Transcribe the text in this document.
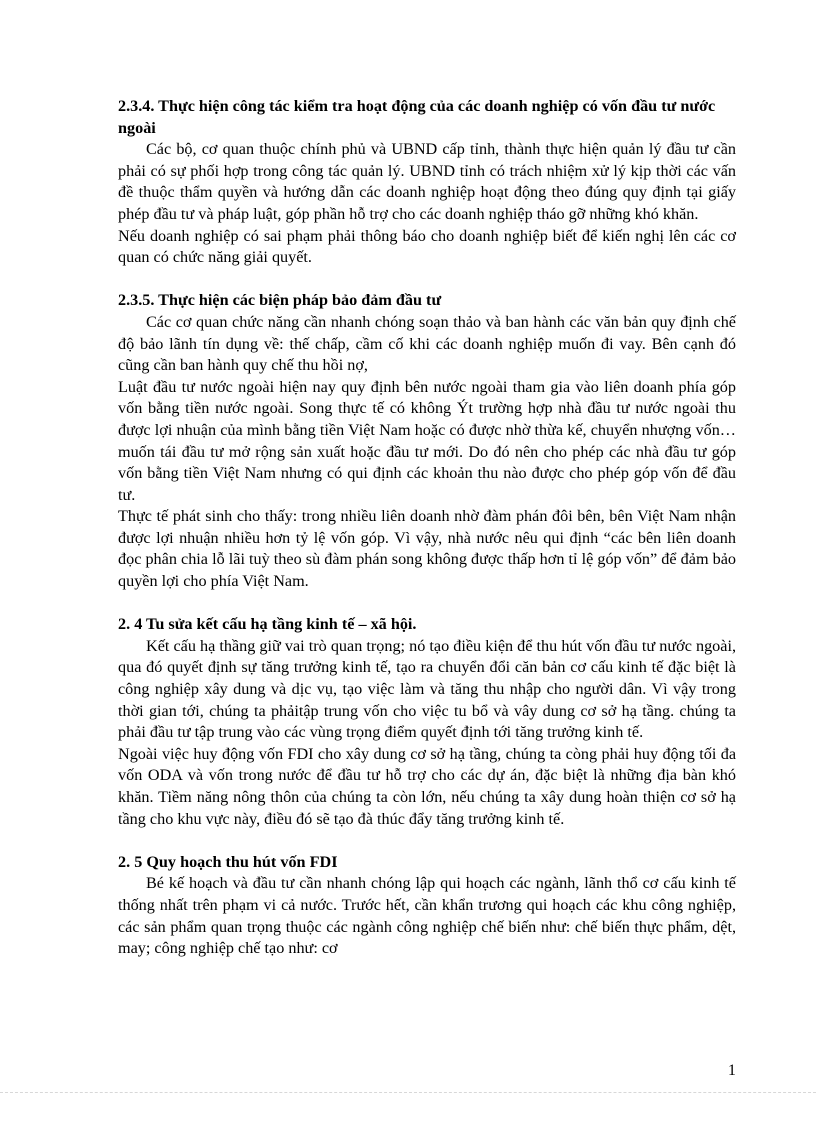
2.3.4. Thực hiện công tác kiểm tra hoạt động của các doanh nghiệp có vốn đầu tư nước ngoài

Các bộ, cơ quan thuộc chính phủ và UBND cấp tỉnh, thành thực hiện quản lý đầu tư cần phải có sự phối hợp trong công tác quản lý. UBND tỉnh có trách nhiệm xử lý kịp thời các vấn đề thuộc thẩm quyền và hướng dẫn các doanh nghiệp hoạt động theo đúng quy định tại giấy phép đầu tư và pháp luật, góp phần hỗ trợ cho các doanh nghiệp tháo gỡ những khó khăn.

Nếu doanh nghiệp có sai phạm phải thông báo cho doanh nghiệp biết để kiến nghị lên các cơ quan có chức năng giải quyết.

2.3.5. Thực hiện các biện pháp bảo đảm đầu tư

Các cơ quan chức năng cần nhanh chóng soạn thảo và ban hành các văn bản quy định chế độ bảo lãnh tín dụng về: thế chấp, cầm cố khi các doanh nghiệp muốn đi vay. Bên cạnh đó cũng cần ban hành quy chế thu hồi nợ,

Luật đầu tư nước ngoài hiện nay quy định bên nước ngoài tham gia vào liên doanh phía góp vốn bằng tiền nước ngoài. Song thực tế có không Ýt trường hợp nhà đầu tư nước ngoài thu được lợi nhuận của mình bằng tiền Việt Nam hoặc có được nhờ thừa kế, chuyển nhượng vốn… muốn tái đầu tư mở rộng sản xuất hoặc đầu tư mới. Do đó nên cho phép các nhà đầu tư góp vốn bằng tiền Việt Nam nhưng có qui định các khoản thu nào được cho phép góp vốn để đầu tư.

Thực tế phát sinh cho thấy: trong nhiều liên doanh nhờ đàm phán đôi bên, bên Việt Nam nhận được lợi nhuận nhiều hơn tỷ lệ vốn góp. Vì vậy, nhà nước nêu qui định “các bên liên doanh đọc phân chia lỗ lãi tuỳ theo sù đàm phán song không được thấp hơn tỉ lệ góp vốn” để đảm bảo quyền lợi cho phía Việt Nam.

2. 4 Tu sửa kết cấu hạ tầng kinh tế – xã hội.

Kết cấu hạ thầng giữ vai trò quan trọng; nó tạo điều kiện để thu hút vốn đầu tư nước ngoài, qua đó quyết định sự tăng trưởng kinh tế, tạo ra chuyển đổi căn bản cơ cấu kinh tế đặc biệt là công nghiệp xây dung và dịc vụ, tạo việc làm và tăng thu nhập cho người dân. Vì vậy trong thời gian tới, chúng ta phảitập trung vốn cho việc tu bổ và vây dung cơ sở hạ tầng. chúng ta phải đầu tư tập trung vào các vùng trọng điểm quyết định tới tăng trưởng kinh tế.

Ngoài việc huy động vốn FDI cho xây dung cơ sở hạ tầng, chúng ta còng phải huy động tối đa vốn ODA và vốn trong nước để đầu tư hỗ trợ cho các dự án, đặc biệt là những địa bàn khó khăn. Tiềm năng nông thôn của chúng ta còn lớn, nếu chúng ta xây dung hoàn thiện cơ sở hạ tầng cho khu vực này, điều đó sẽ tạo đà thúc đẩy tăng trưởng kinh tế.

2. 5 Quy hoạch thu hút vốn FDI

Bé kế hoạch và đầu tư cần nhanh chóng lập qui hoạch các ngành, lãnh thổ cơ cấu kinh tế thống nhất trên phạm vi cả nước. Trước hết, cần khẩn trương qui hoạch các khu công nghiệp, các sản phẩm quan trọng thuộc các ngành công nghiệp chế biến như: chế biến thực phẩm, dệt, may; công nghiệp chế tạo như: cơ

1
